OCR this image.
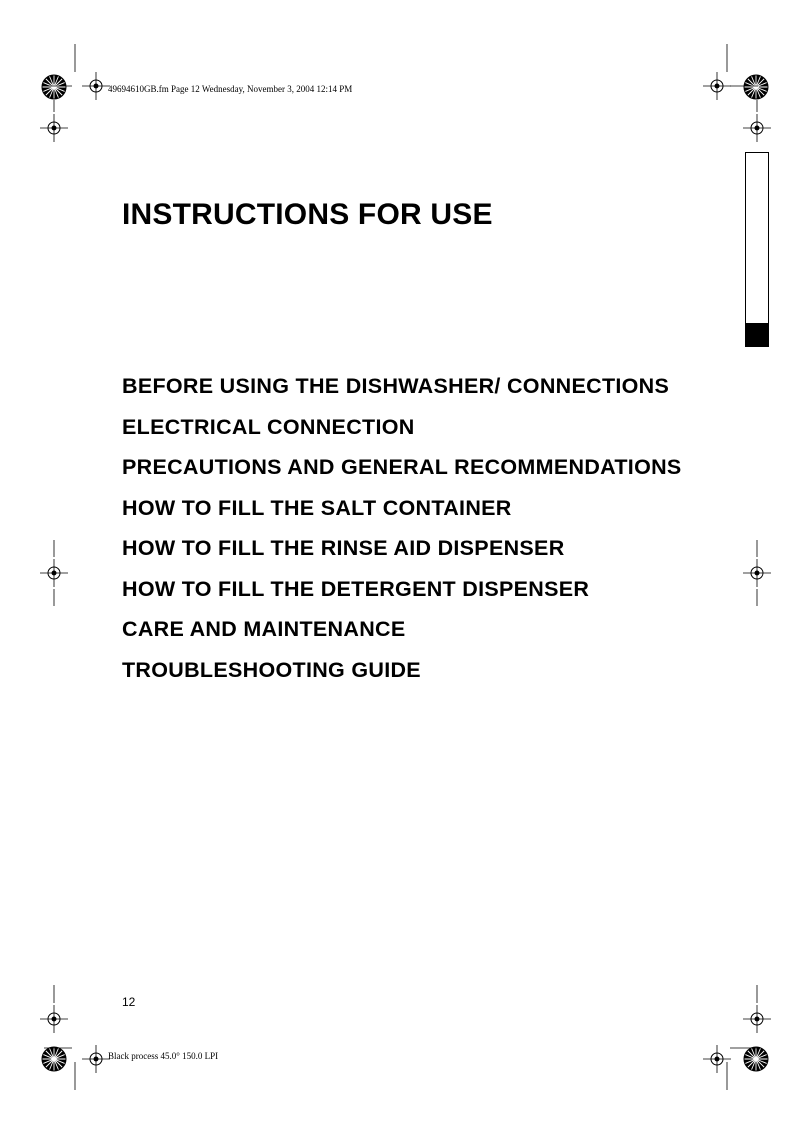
49694610GB.fm Page 12 Wednesday, November 3, 2004 12:14 PM
Black process 45.0° 150.0 LPI
INSTRUCTIONS FOR USE
BEFORE USING THE DISHWASHER/ CONNECTIONS
ELECTRICAL CONNECTION
PRECAUTIONS AND GENERAL RECOMMENDATIONS
HOW TO FILL THE SALT CONTAINER
HOW TO FILL THE RINSE AID DISPENSER
HOW TO FILL THE DETERGENT DISPENSER
CARE AND MAINTENANCE
TROUBLESHOOTING GUIDE
12
